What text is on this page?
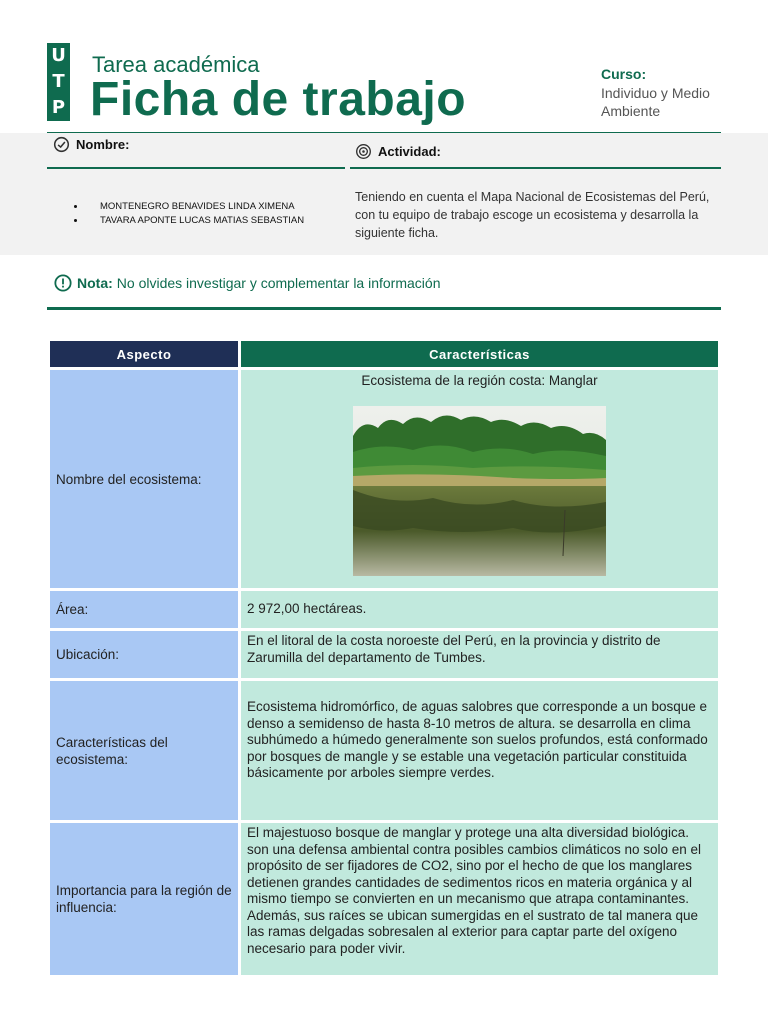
U
T
P
Tarea académica
Ficha de trabajo	Curso:
Individuo y Medio Ambiente
Nombre:	Actividad:
• MONTENEGRO BENAVIDES LINDA XIMENA
• TAVARA APONTE LUCAS MATIAS SEBASTIAN
Teniendo en cuenta el Mapa Nacional de Ecosistemas del Perú, con tu equipo de trabajo escoge un ecosistema y desarrolla la siguiente ficha.
Nota: No olvides investigar y complementar la información
Aspecto	Características
Nombre del ecosistema:	Ecosistema de la región costa: Manglar

Área:	2 972,00 hectáreas.
Ubicación:	En el litoral de la costa noroeste del Perú, en la provincia y distrito de Zarumilla del departamento de Tumbes.
Características del ecosistema:	Ecosistema hidromórfico, de aguas salobres que corresponde a un bosque e denso a semidenso de hasta 8-10 metros de altura. se desarrolla en clima subhúmedo a húmedo generalmente son suelos profundos, está conformado por bosques de mangle y se estable una vegetación particular constituida básicamente por arboles siempre verdes.
Importancia para la región de influencia:	El majestuoso bosque de manglar y protege una alta diversidad biológica. son una defensa ambiental contra posibles cambios climáticos no solo en el propósito de ser fijadores de CO2, sino por el hecho de que los manglares detienen grandes cantidades de sedimentos ricos en materia orgánica y al mismo tiempo se convierten en un mecanismo que atrapa contaminantes. Además, sus raíces se ubican sumergidas en el sustrato de tal manera que las ramas delgadas sobresalen al exterior para captar parte del oxígeno necesario para poder vivir.
